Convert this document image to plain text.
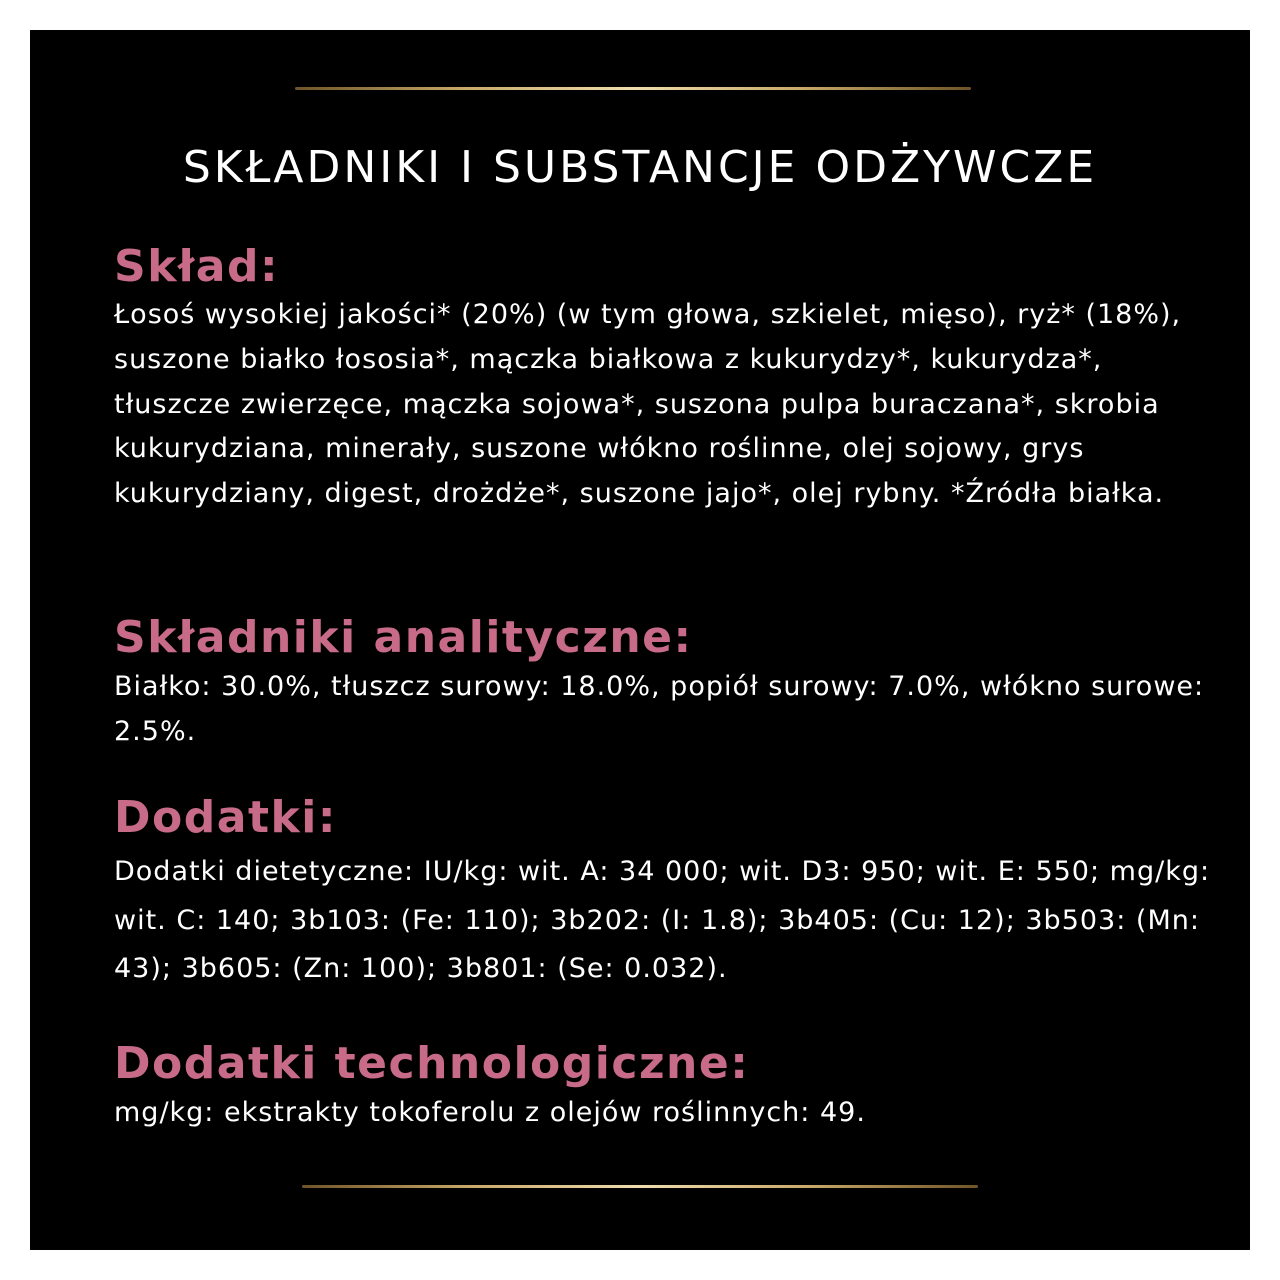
SKŁADNIKI I SUBSTANCJE ODŻYWCZE
Skład:

Łosoś wysokiej jakości* (20%) (w tym głowa, szkielet, mięso), ryż* (18%), suszone białko łososia*, mączka białkowa z kukurydzy*, kukurydza*, tłuszcze zwierzęce, mączka sojowa*, suszona pulpa buraczana*, skrobia kukurydziana, minerały, suszone włókno roślinne, olej sojowy, grys kukurydziany, digest, drożdże*, suszone jajo*, olej rybny. *Źródła białka.

Składniki analityczne:

Białko: 30.0%, tłuszcz surowy: 18.0%, popiół surowy: 7.0%, włókno surowe: 2.5%.

Dodatki:

Dodatki dietetyczne: IU/kg: wit. A: 34 000; wit. D3: 950; wit. E: 550; mg/kg: wit. C: 140; 3b103: (Fe: 110); 3b202: (I: 1.8); 3b405: (Cu: 12); 3b503: (Mn: 43); 3b605: (Zn: 100); 3b801: (Se: 0.032).

Dodatki technologiczne:

mg/kg: ekstrakty tokoferolu z olejów roślinnych: 49.
